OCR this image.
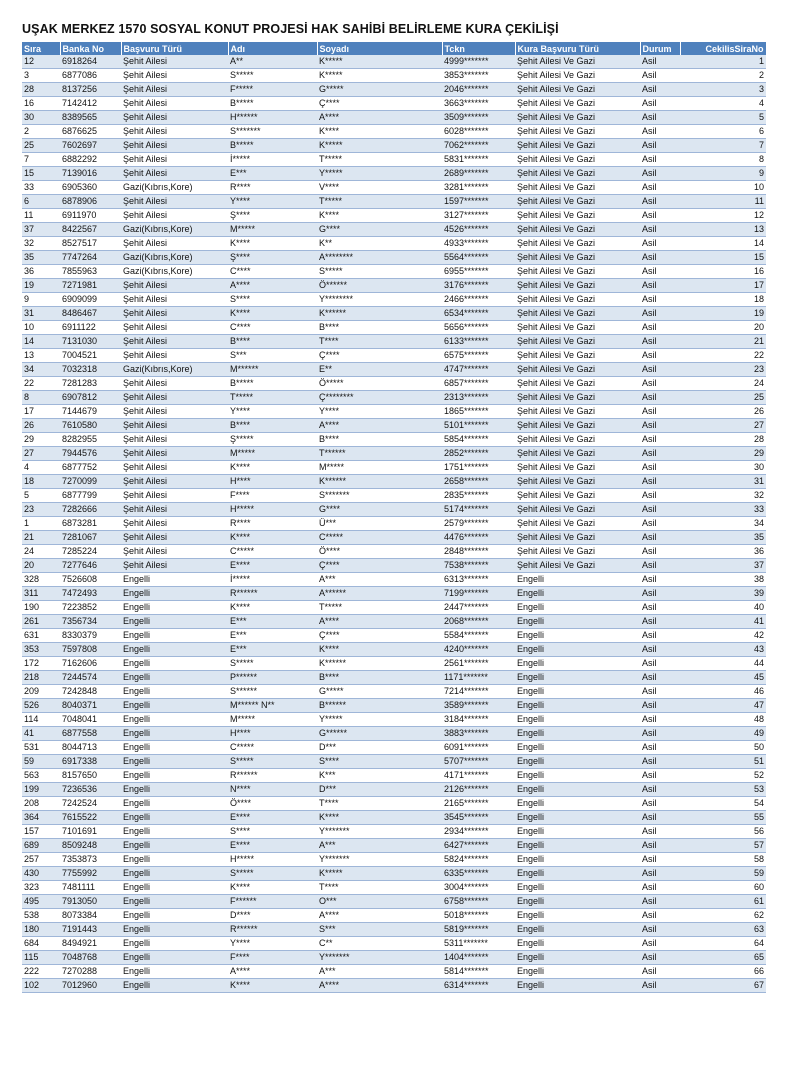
UŞAK MERKEZ 1570 SOSYAL KONUT PROJESİ HAK SAHİBİ BELİRLEME KURA ÇEKİLİŞİ
Sıra	Banka No	Başvuru Türü	Adı	Soyadı	Tckn	Kura Başvuru Türü	Durum	CekilisSiraNo
12	6918264	Şehit Ailesi	A**	K*****	4999*******	Şehit Ailesi Ve Gazi	Asil	1
3	6877086	Şehit Ailesi	S*****	K*****	3853*******	Şehit Ailesi Ve Gazi	Asil	2
28	8137256	Şehit Ailesi	F*****	G*****	2046*******	Şehit Ailesi Ve Gazi	Asil	3
16	7142412	Şehit Ailesi	B*****	Ç****	3663*******	Şehit Ailesi Ve Gazi	Asil	4
30	8389565	Şehit Ailesi	H******	A****	3509*******	Şehit Ailesi Ve Gazi	Asil	5
2	6876625	Şehit Ailesi	S*******	K****	6028*******	Şehit Ailesi Ve Gazi	Asil	6
25	7602697	Şehit Ailesi	B*****	K*****	7062*******	Şehit Ailesi Ve Gazi	Asil	7
7	6882292	Şehit Ailesi	İ*****	T*****	5831*******	Şehit Ailesi Ve Gazi	Asil	8
15	7139016	Şehit Ailesi	E***	Y*****	2689*******	Şehit Ailesi Ve Gazi	Asil	9
33	6905360	Gazi(Kıbrıs,Kore)	R****	V****	3281*******	Şehit Ailesi Ve Gazi	Asil	10
6	6878906	Şehit Ailesi	Y****	T*****	1597*******	Şehit Ailesi Ve Gazi	Asil	11
11	6911970	Şehit Ailesi	Ş****	K****	3127*******	Şehit Ailesi Ve Gazi	Asil	12
37	8422567	Gazi(Kıbrıs,Kore)	M*****	G****	4526*******	Şehit Ailesi Ve Gazi	Asil	13
32	8527517	Şehit Ailesi	K****	K**	4933*******	Şehit Ailesi Ve Gazi	Asil	14
35	7747264	Gazi(Kıbrıs,Kore)	Ş****	A********	5564*******	Şehit Ailesi Ve Gazi	Asil	15
36	7855963	Gazi(Kıbrıs,Kore)	C****	S*****	6955*******	Şehit Ailesi Ve Gazi	Asil	16
19	7271981	Şehit Ailesi	A****	Ö******	3176*******	Şehit Ailesi Ve Gazi	Asil	17
9	6909099	Şehit Ailesi	S****	Y********	2466*******	Şehit Ailesi Ve Gazi	Asil	18
31	8486467	Şehit Ailesi	K****	K******	6534*******	Şehit Ailesi Ve Gazi	Asil	19
10	6911122	Şehit Ailesi	C****	B****	5656*******	Şehit Ailesi Ve Gazi	Asil	20
14	7131030	Şehit Ailesi	B****	T****	6133*******	Şehit Ailesi Ve Gazi	Asil	21
13	7004521	Şehit Ailesi	S***	Ç****	6575*******	Şehit Ailesi Ve Gazi	Asil	22
34	7032318	Gazi(Kıbrıs,Kore)	M******	E**	4747*******	Şehit Ailesi Ve Gazi	Asil	23
22	7281283	Şehit Ailesi	B*****	Ö*****	6857*******	Şehit Ailesi Ve Gazi	Asil	24
8	6907812	Şehit Ailesi	T*****	Ç********	2313*******	Şehit Ailesi Ve Gazi	Asil	25
17	7144679	Şehit Ailesi	Y****	Y****	1865*******	Şehit Ailesi Ve Gazi	Asil	26
26	7610580	Şehit Ailesi	B****	A****	5101*******	Şehit Ailesi Ve Gazi	Asil	27
29	8282955	Şehit Ailesi	Ş*****	B****	5854*******	Şehit Ailesi Ve Gazi	Asil	28
27	7944576	Şehit Ailesi	M*****	T******	2852*******	Şehit Ailesi Ve Gazi	Asil	29
4	6877752	Şehit Ailesi	K****	M*****	1751*******	Şehit Ailesi Ve Gazi	Asil	30
18	7270099	Şehit Ailesi	H****	K******	2658*******	Şehit Ailesi Ve Gazi	Asil	31
5	6877799	Şehit Ailesi	F****	S*******	2835*******	Şehit Ailesi Ve Gazi	Asil	32
23	7282666	Şehit Ailesi	H*****	G****	5174*******	Şehit Ailesi Ve Gazi	Asil	33
1	6873281	Şehit Ailesi	R****	Ü***	2579*******	Şehit Ailesi Ve Gazi	Asil	34
21	7281067	Şehit Ailesi	K****	C*****	4476*******	Şehit Ailesi Ve Gazi	Asil	35
24	7285224	Şehit Ailesi	C*****	Ö****	2848*******	Şehit Ailesi Ve Gazi	Asil	36
20	7277646	Şehit Ailesi	E****	Ç****	7538*******	Şehit Ailesi Ve Gazi	Asil	37
328	7526608	Engelli	İ*****	A***	6313*******	Engelli	Asil	38
311	7472493	Engelli	R******	A******	7199*******	Engelli	Asil	39
190	7223852	Engelli	K****	T*****	2447*******	Engelli	Asil	40
261	7356734	Engelli	E***	A****	2068*******	Engelli	Asil	41
631	8330379	Engelli	E***	Ç****	5584*******	Engelli	Asil	42
353	7597808	Engelli	E***	K****	4240*******	Engelli	Asil	43
172	7162606	Engelli	S*****	K******	2561*******	Engelli	Asil	44
218	7244574	Engelli	P******	B****	1171*******	Engelli	Asil	45
209	7242848	Engelli	S******	G*****	7214*******	Engelli	Asil	46
526	8040371	Engelli	M****** N**	B******	3589*******	Engelli	Asil	47
114	7048041	Engelli	M*****	Y*****	3184*******	Engelli	Asil	48
41	6877558	Engelli	H****	G******	3883*******	Engelli	Asil	49
531	8044713	Engelli	C*****	D***	6091*******	Engelli	Asil	50
59	6917338	Engelli	S*****	S****	5707*******	Engelli	Asil	51
563	8157650	Engelli	R******	K***	4171*******	Engelli	Asil	52
199	7236536	Engelli	N****	D***	2126*******	Engelli	Asil	53
208	7242524	Engelli	Ö****	T****	2165*******	Engelli	Asil	54
364	7615522	Engelli	E****	K****	3545*******	Engelli	Asil	55
157	7101691	Engelli	S****	Y*******	2934*******	Engelli	Asil	56
689	8509248	Engelli	E****	A***	6427*******	Engelli	Asil	57
257	7353873	Engelli	H*****	Y*******	5824*******	Engelli	Asil	58
430	7755992	Engelli	S*****	K*****	6335*******	Engelli	Asil	59
323	7481111	Engelli	K****	T****	3004*******	Engelli	Asil	60
495	7913050	Engelli	F******	O***	6758*******	Engelli	Asil	61
538	8073384	Engelli	D****	A****	5018*******	Engelli	Asil	62
180	7191443	Engelli	R******	S***	5819*******	Engelli	Asil	63
684	8494921	Engelli	Y****	C**	5311*******	Engelli	Asil	64
115	7048768	Engelli	F****	Y*******	1404*******	Engelli	Asil	65
222	7270288	Engelli	A****	A***	5814*******	Engelli	Asil	66
102	7012960	Engelli	K****	A****	6314*******	Engelli	Asil	67
